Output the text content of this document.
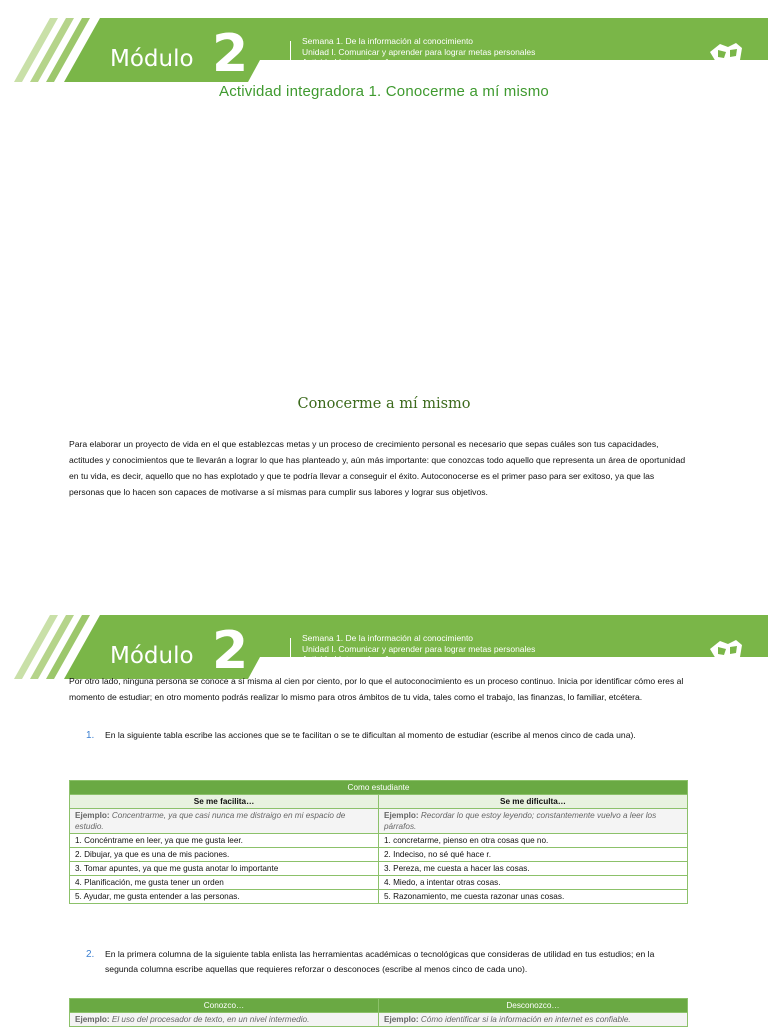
Módulo 2	Semana 1. De la información al conocimiento
Unidad I. Comunicar y aprender para lograr metas personales
Actividad Integradora 1
Actividad integradora 1. Conocerme a mí mismo
Conocerme a mí mismo
Para elaborar un proyecto de vida en el que establezcas metas y un proceso de crecimiento personal es necesario que sepas cuáles son tus capacidades, actitudes y conocimientos que te llevarán a lograr lo que has planteado y, aún más importante: que conozcas todo aquello que representa un área de oportunidad en tu vida, es decir, aquello que no has explotado y que te podría llevar a conseguir el éxito. Autoconocerse es el primer paso para ser exitoso, ya que las personas que lo hacen son capaces de motivarse a sí mismas para cumplir sus labores y lograr sus objetivos.
Módulo 2	Semana 1. De la información al conocimiento
Unidad I. Comunicar y aprender para lograr metas personales
Actividad Integradora 1
Por otro lado, ninguna persona se conoce a sí misma al cien por ciento, por lo que el autoconocimiento es un proceso continuo. Inicia por identificar cómo eres al momento de estudiar; en otro momento podrás realizar lo mismo para otros ámbitos de tu vida, tales como el trabajo, las finanzas, lo familiar, etcétera.
1. En la siguiente tabla escribe las acciones que se te facilitan o se te dificultan al momento de estudiar (escribe al menos cinco de cada una).
Como estudiante	
Se me facilita…	Se me dificulta…
Ejemplo: Concentrarme, ya que casi nunca me distraigo en mi espacio de estudio.	Ejemplo: Recordar lo que estoy leyendo; constantemente vuelvo a leer los párrafos.
1. Concéntrame en leer, ya que me gusta leer.	1. concretarme, pienso en otra cosas que no.
2. Dibujar, ya que es una de mis paciones.	2. Indeciso, no sé qué hace r.
3. Tomar apuntes, ya que me gusta anotar lo importante	3. Pereza, me cuesta a hacer las cosas.
4. Planificación, me gusta tener un orden	4. Miedo, a intentar otras cosas.
5. Ayudar, me gusta entender a las personas.	5. Razonamiento, me cuesta razonar unas cosas.
2. En la primera columna de la siguiente tabla enlista las herramientas académicas o tecnológicas que consideras de utilidad en tus estudios; en la segunda columna escribe aquellas que requieres reforzar o desconoces (escribe al menos cinco de cada uno).
Conozco…	Desconozco…
Ejemplo: El uso del procesador de texto, en un nivel intermedio.	Ejemplo: Cómo identificar si la información en internet es confiable.
